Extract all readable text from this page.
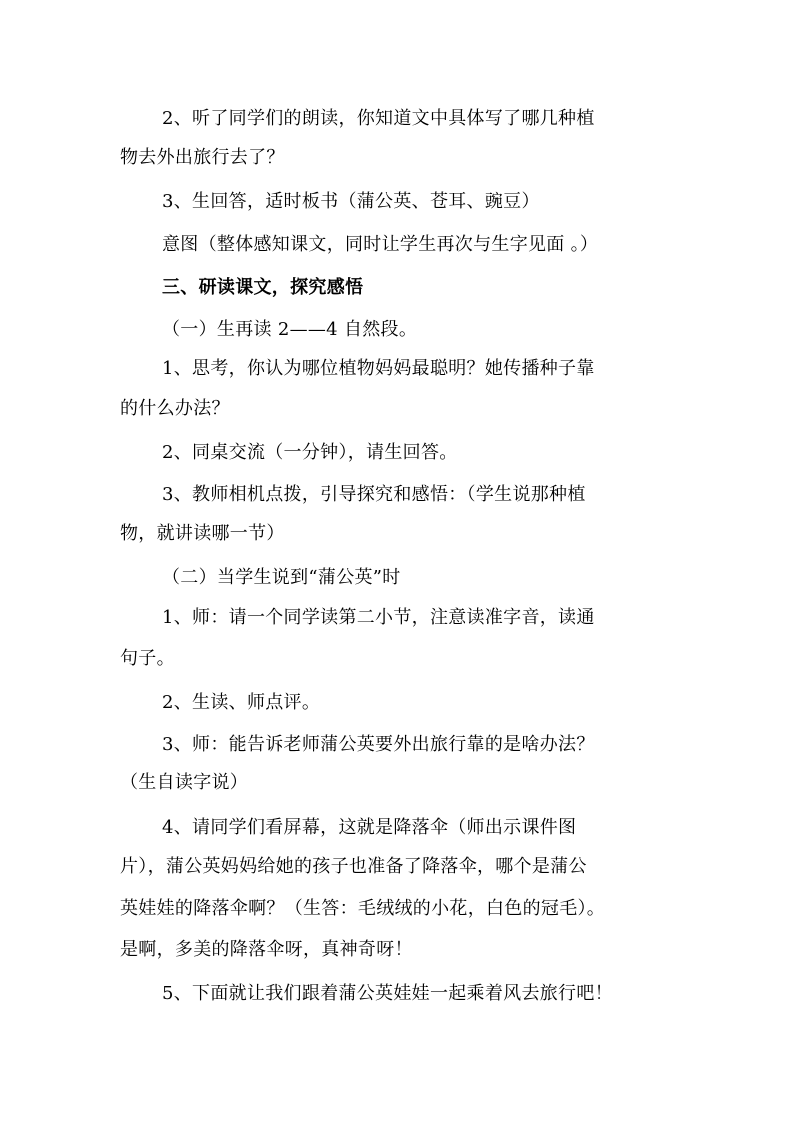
2、听了同学们的朗读，你知道文中具体写了哪几种植
物去外出旅行去了？
3、生回答，适时板书（蒲公英、苍耳、豌豆）
意图（整体感知课文，同时让学生再次与生字见面 。）
三、研读课文，探究感悟
（一）生再读 2——4 自然段。
1、思考，你认为哪位植物妈妈最聪明？她传播种子靠
的什么办法？
2、同桌交流（一分钟），请生回答。
3、教师相机点拨，引导探究和感悟：（学生说那种植
物，就讲读哪一节）
（二）当学生说到“蒲公英”时
1、师：请一个同学读第二小节，注意读准字音，读通
句子。
2、生读、师点评。
3、师：能告诉老师蒲公英要外出旅行靠的是啥办法？
（生自读字说）
4、请同学们看屏幕，这就是降落伞（师出示课件图
片），蒲公英妈妈给她的孩子也准备了降落伞，哪个是蒲公
英娃娃的降落伞啊？（生答：毛绒绒的小花，白色的冠毛）。
是啊，多美的降落伞呀，真神奇呀！
5、下面就让我们跟着蒲公英娃娃一起乘着风去旅行吧！
